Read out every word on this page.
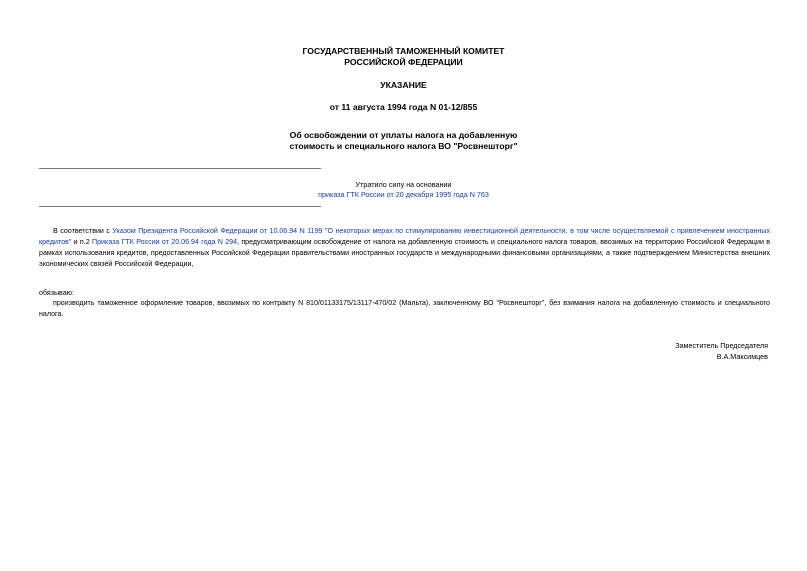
ГОСУДАРСТВЕННЫЙ ТАМОЖЕННЫЙ КОМИТЕТ

РОССИЙСКОЙ ФЕДЕРАЦИИ

УКАЗАНИЕ

от 11 августа 1994 года N 01-12/855

Об освобождении от уплаты налога на добавленную

стоимость и специального налога ВО "Росвнешторг"

Утратило силу на основании
приказа ГТК России от 20 декабря 1995 года N 763
В соответствии с Указом Президента Российской Федерации от 10.06.94 N 1199 "О некоторых мерах по стимулированию инвестиционной деятельности, в том числе осуществляемой с привлечением иностранных кредитов" и п.2 Приказа ГТК России от 20.06.94 года N 294, предусматривающим освобождение от налога на добавленную стоимость и специального налога товаров, ввозимых на территорию Российской Федерации в рамках использования кредитов, предоставленных Российской Федерации правительствами иностранных государств и международными финансовыми организациями, а также подтверждением Министерства внешних экономических связей Российской Федерации,
обязываю:
производить таможенное оформление товаров, ввозимых по контракту N 810/01133175/13117-470/02 (Мальта), заключенному ВО "Росвнешторг", без взимания налога на добавленную стоимость и специального налога.
Заместитель Председателя
В.А.Максимцев
